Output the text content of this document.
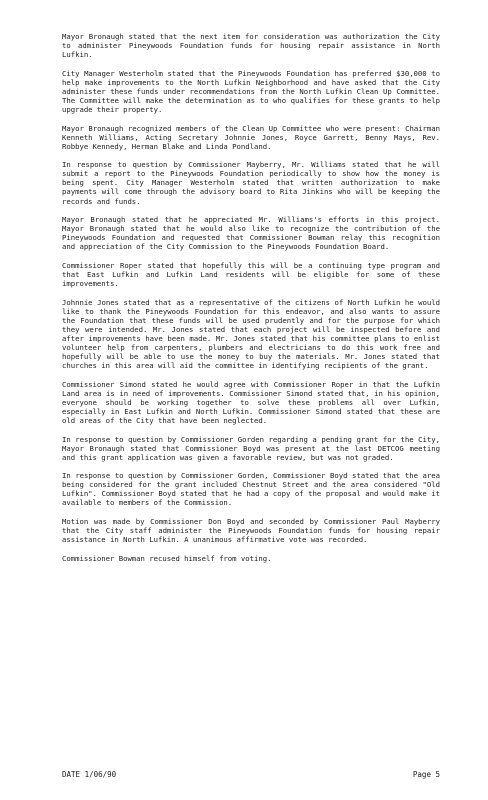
Mayor Bronaugh stated that the next item for consideration was authorization the City to administer Pineywoods Foundation funds for housing repair assistance in North Lufkin.

City Manager Westerholm stated that the Pineywoods Foundation has preferred $30,000 to help make improvements to the North Lufkin Neighborhood and have asked that the City administer these funds under recommendations from the North Lufkin Clean Up Committee. The Committee will make the determination as to who qualifies for these grants to help upgrade their property.

Mayor Bronaugh recognized members of the Clean Up Committee who were present: Chairman Kenneth Williams, Acting Secretary Johnnie Jones, Royce Garrett, Benny Mays, Rev. Robbye Kennedy, Herman Blake and Linda Pondland.

In response to question by Commissioner Mayberry, Mr. Williams stated that he will submit a report to the Pineywoods Foundation periodically to show how the money is being spent. City Manager Westerholm stated that written authorization to make payments will come through the advisory board to Rita Jinkins who will be keeping the records and funds.

Mayor Bronaugh stated that he appreciated Mr. Williams's efforts in this project. Mayor Bronaugh stated that he would also like to recognize the contribution of the Pineywoods Foundation and requested that Commissioner Bowman relay this recognition and appreciation of the City Commission to the Pineywoods Foundation Board.

Commissioner Roper stated that hopefully this will be a continuing type program and that East Lufkin and Lufkin Land residents will be eligible for some of these improvements.

Johnnie Jones stated that as a representative of the citizens of North Lufkin he would like to thank the Pineywoods Foundation for this endeavor, and also wants to assure the Foundation that these funds will be used prudently and for the purpose for which they were intended. Mr. Jones stated that each project will be inspected before and after improvements have been made. Mr. Jones stated that his committee plans to enlist volunteer help from carpenters, plumbers and electricians to do this work free and hopefully will be able to use the money to buy the materials. Mr. Jones stated that churches in this area will aid the committee in identifying recipients of the grant.

Commissioner Simond stated he would agree with Commissioner Roper in that the Lufkin Land area is in need of improvements. Commissioner Simond stated that, in his opinion, everyone should be working together to solve these problems all over Lufkin, especially in East Lufkin and North Lufkin. Commissioner Simond stated that these are old areas of the City that have been neglected.

In response to question by Commissioner Gorden regarding a pending grant for the City, Mayor Bronaugh stated that Commissioner Boyd was present at the last DETCOG meeting and this grant application was given a favorable review, but was not graded.

In response to question by Commissioner Gorden, Commissioner Boyd stated that the area being considered for the grant included Chestnut Street and the area considered "Old Lufkin". Commissioner Boyd stated that he had a copy of the proposal and would make it available to members of the Commission.

Motion was made by Commissioner Don Boyd and seconded by Commissioner Paul Mayberry that the City staff administer the Pineywoods Foundation funds for housing repair assistance in North Lufkin. A unanimous affirmative vote was recorded.

Commissioner Bowman recused himself from voting.

DATE 1/06/90	Page 5
